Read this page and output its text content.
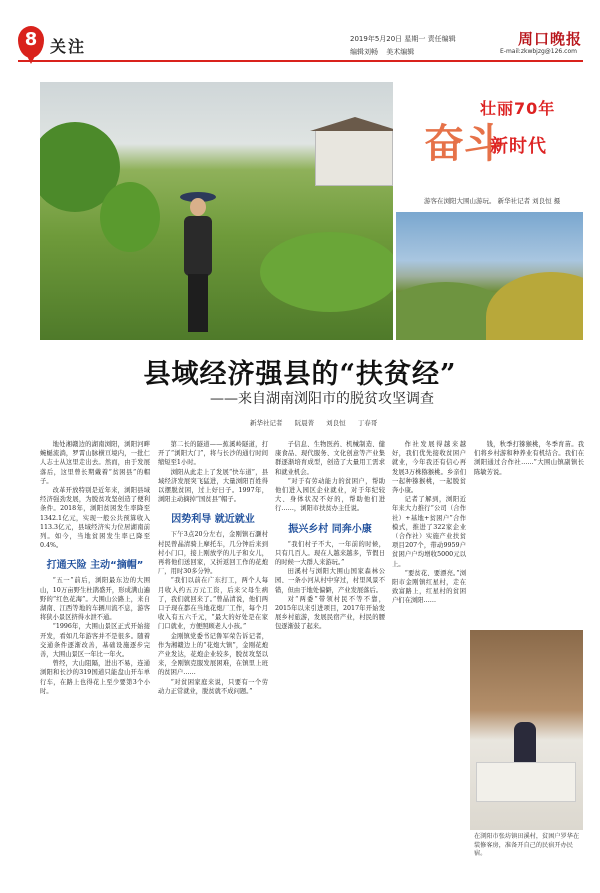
8 关注	2019年5月20日 星期一 责任编辑
编辑刘畅 美术编辑
周口晚报
E-mail:zkwbjzg@126.com
奋斗
壮丽70年
新时代
游客在浏阳大围山游玩。 新华社记者 刘良恒 摄
县域经济强县的“扶贫经”
——来自湖南浏阳市的脱贫攻坚调查
新华社记者 阮晨菁 刘良恒 丁春哥

地处湘赣边的湖南浏阳，浏阳河畔蜿蜒流淌，罗霄山脉横亘境内，一批仁人志士从这里走出去。然而，由于发展落后，这里曾长期戴着“贫困县”的帽子。

改革开放特别是近年来，浏阳县域经济强劲发展，为脱贫攻坚创造了便利条件。2018年，浏阳贫困发生率降至1342.1亿元，实现一般公共预算收入113.3亿元，县域经济实力位居湖南前列。如今，当地贫困发生率已降至0.4%。

打通天险 主动“摘帽”

“五一”前后，浏阳最东边的大围山，10万亩野生杜鹃盛开，形成满山遍野的“红色花海”。大围山公路上，来自湖南、江西等地的车辆川流不息，游客将狭小景区挤得水泄不通。

“1996年，大围山景区正式开始接开发，看如几年游客并不是很多。随着交通条件逐渐改善，基础设施逐步完善，大围山景区一年比一年火。

曾经，大山阻隔，进出不易，连通浏阳和长沙的319国道只能盘山开车单行车，在路上也得花上至少要第3个小时。

第二长的隧道——蕉溪岭隧道，打开了“浏阳大门”，将与长沙的通行时间缩短至1小时。

浏阳从此走上了发展“快车道”，县域经济发展突飞猛进，大量浏阳百姓得以摆脱贫困，过上好日子。1997年，浏阳主动摘掉“国贫县”帽子。

因势利导 就近就业

下午3点20分左右，金刚镇石灏村村民曾晶清骑上摩托车，几分钟后来到村小门口，接上刚放学的儿子和女儿，再将他们送回家，又折返回工作的花炮厂，用时30多分钟。

“我们以前在广东打工，两个人每月收入约五万元工资，后来父母生病了，我们就回来了。”曾晶清说，他们两口子现在都在当地花炮厂工作，每个月收入有五六千元，“最大的好处是在家门口就业，方便照顾老人小孩。”

金刚镇党委书记鲁军荣告诉记者，作为湘赣边上的“花炮大镇”，金刚花炮产业发达，花炮企业较多，脱贫攻坚以来，全刚镇克服发展困难，在镇里上班的贫困户……

“对贫困家庭来说，只要有一个劳动力正常就业，脱贫就不成问题。”

子信息、生物医药、机械制造、健康食品、现代服务、文化创意等产业集群逐渐培育成型，创造了大量用工需求和就业机会。

“对于有劳动能力的贫困户，帮助他们进入园区企业就业，对于年纪较大、身体状况不好的，帮助他们进行……，浏阳市扶贫办主任说。

振兴乡村 同奔小康

“我们村子不大，一年前的时候，只有几百人。现在人越来越多，节假日的时候一大群人来游玩。”

田溪村与浏阳大围山国家森林公园、一条小河从村中穿过，村里风景不错，但由于地处偏僻，产业发展落后。

对“两委”带领村民不等不靠，2015年以来引进项目，2017年开始发展乡村旅游，发展民宿产业，村民的腰包逐渐鼓了起来。

作社发展得越来越好，我们优先接收贫困户就业，今年我还有信心再发展3万株猕猴桃。乡亲们一起种猕猴桃，一起脱贫奔小康。

记者了解到，浏阳近年来大力推行“公司（合作社）+基地+贫困户”合作模式，推进了322家企业（合作社）实施产业扶贫项目207个，带动9959户贫困户户均增收5000元以上。

“要贫花、要漂亮。”浏阳市金刚镇红星村，走在致富路上，红星村的贫困户们在浏阳……

钱，秋季打猕猴桃，冬季育苗。我们将乡村游和种养业有机结合。我们在浏阳通过合作社……”大围山镇副镇长陈敏芳说。

在浏阳市张坊镇田溪村，贫困户罗华在装修客房，准备开自己的民宿开办民宿。
